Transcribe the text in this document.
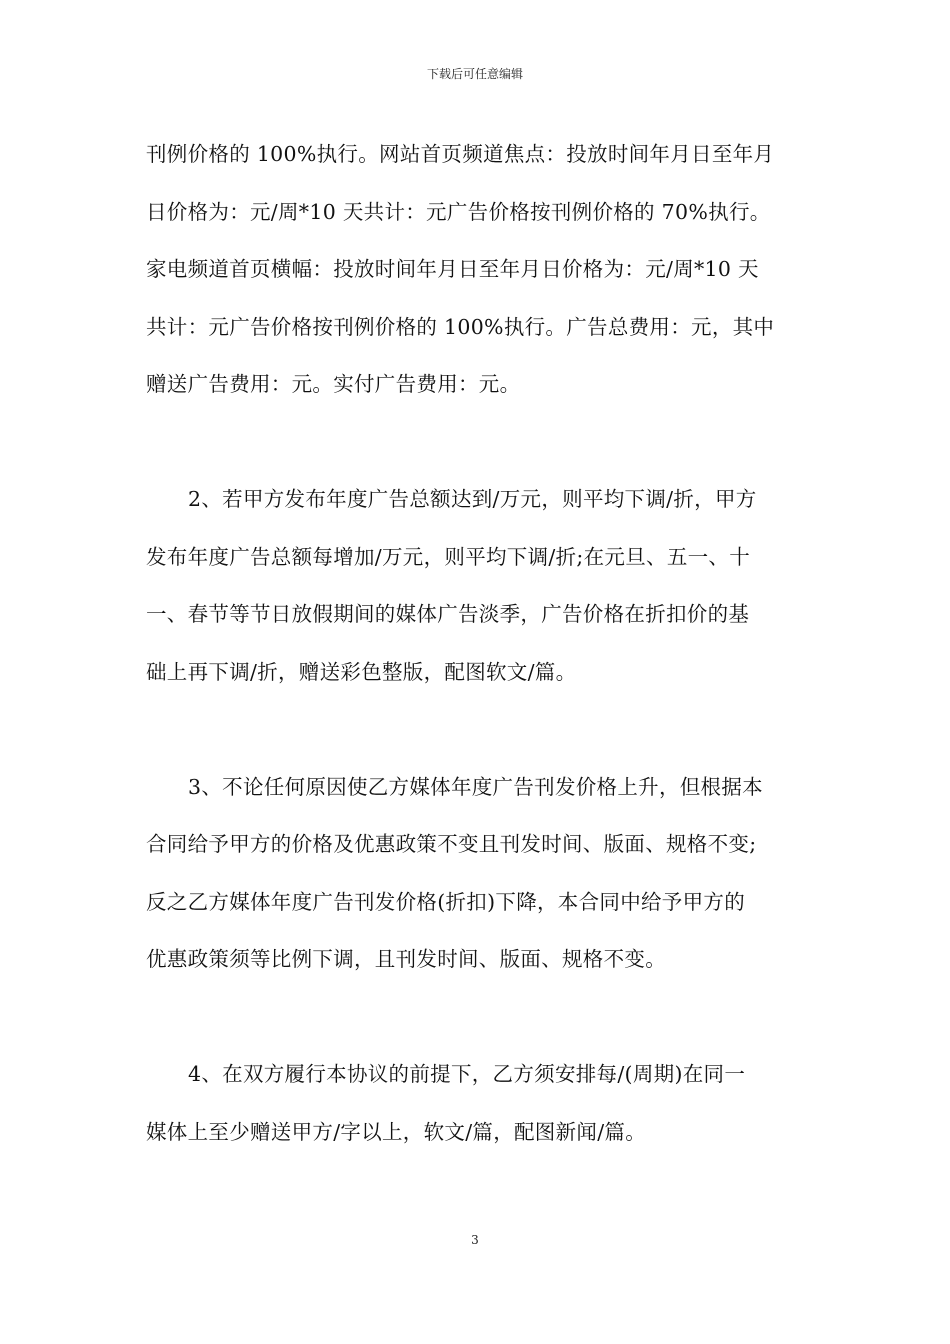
下载后可任意编辑
刊例价格的 100%执行。网站首页频道焦点：投放时间年月日至年月
日价格为：元/周*10 天共计：元广告价格按刊例价格的 70%执行。
家电频道首页横幅：投放时间年月日至年月日价格为：元/周*10 天
共计：元广告价格按刊例价格的 100%执行。广告总费用：元，其中
赠送广告费用：元。实付广告费用：元。
2、若甲方发布年度广告总额达到/万元，则平均下调/折，甲方
发布年度广告总额每增加/万元，则平均下调/折;在元旦、五一、十
一、春节等节日放假期间的媒体广告淡季，广告价格在折扣价的基
础上再下调/折，赠送彩色整版，配图软文/篇。
3、不论任何原因使乙方媒体年度广告刊发价格上升，但根据本
合同给予甲方的价格及优惠政策不变且刊发时间、版面、规格不变;
反之乙方媒体年度广告刊发价格(折扣)下降，本合同中给予甲方的
优惠政策须等比例下调，且刊发时间、版面、规格不变。
4、在双方履行本协议的前提下，乙方须安排每/(周期)在同一
媒体上至少赠送甲方/字以上，软文/篇，配图新闻/篇。
3
